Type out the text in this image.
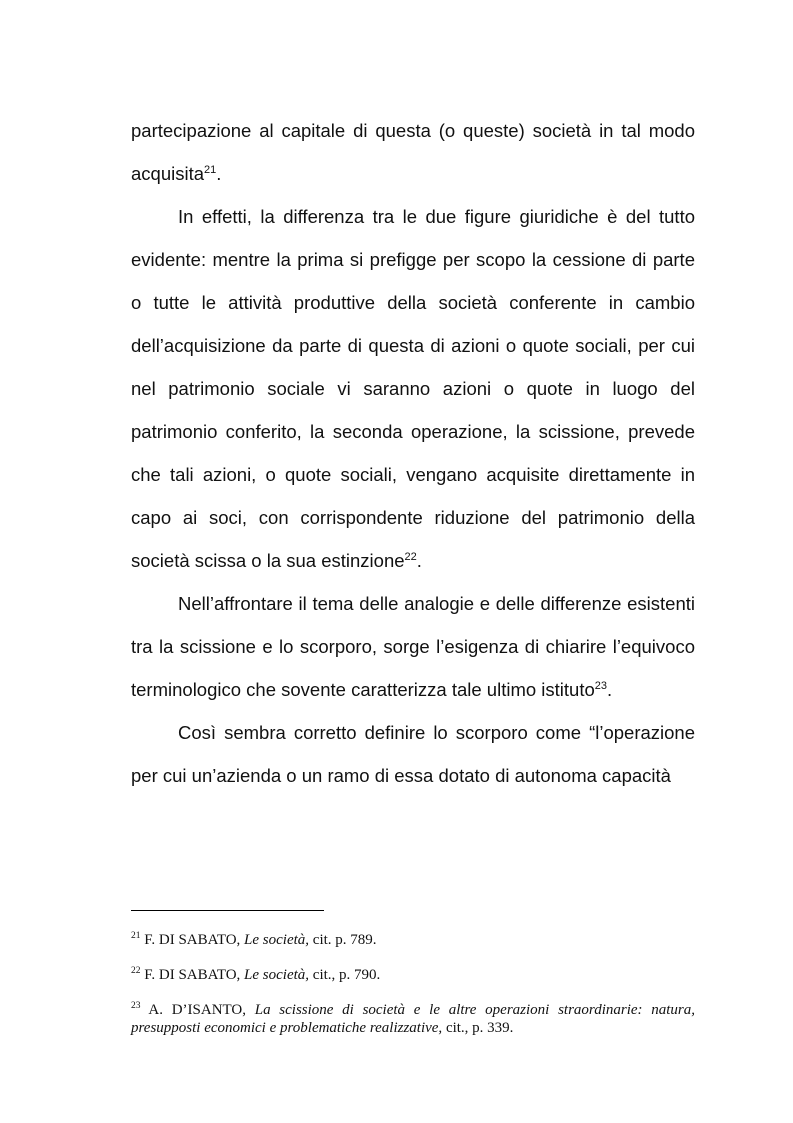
partecipazione al capitale di questa (o queste) società in tal modo acquisita$^{21}$.

In effetti, la differenza tra le due figure giuridiche è del tutto evidente: mentre la prima si prefigge per scopo la cessione di parte o tutte le attività produttive della società conferente in cambio dell’acquisizione da parte di questa di azioni o quote sociali, per cui nel patrimonio sociale vi saranno azioni o quote in luogo del patrimonio conferito, la seconda operazione, la scissione, prevede che tali azioni, o quote sociali, vengano acquisite direttamente in capo ai soci, con corrispondente riduzione del patrimonio della società scissa o la sua estinzione$^{22}$.

Nell’affrontare il tema delle analogie e delle differenze esistenti tra la scissione e lo scorporo, sorge l’esigenza di chiarire l’equivoco terminologico che sovente caratterizza tale ultimo istituto$^{23}$.

Così sembra corretto definire lo scorporo come “l’operazione per cui un’azienda o un ramo di essa dotato di autonoma capacità

$^{21}$ F. DI SABATO, Le società, cit. p. 789.

$^{22}$ F. DI SABATO, Le società, cit., p. 790.

$^{23}$ A. D’ISANTO, La scissione di società e le altre operazioni straordinarie: natura, presupposti economici e problematiche realizzative, cit., p. 339.
